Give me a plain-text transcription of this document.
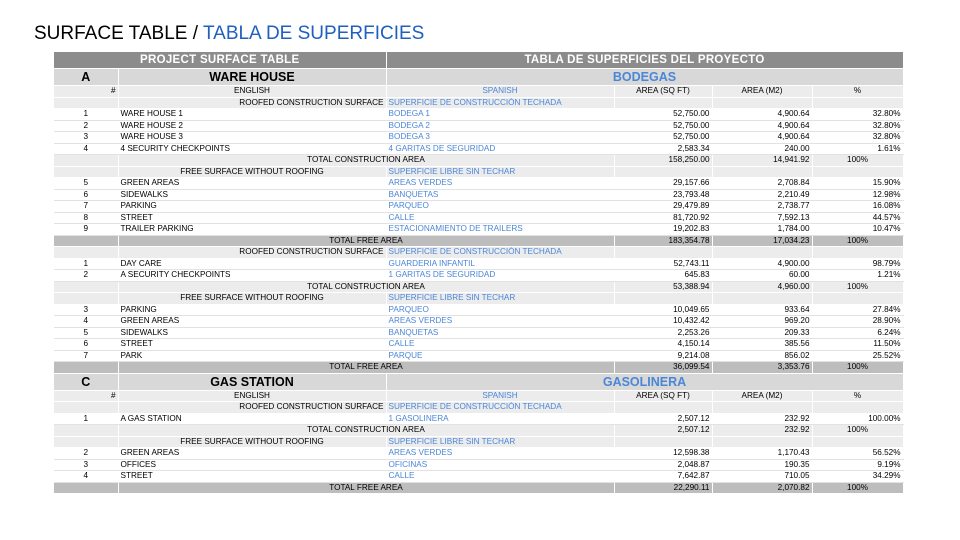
SURFACE TABLE / TABLA DE SUPERFICIES
PROJECT SURFACE TABLE		TABLA DE SUPERFICIES DEL PROYECTO			
A	WARE HOUSE	BODEGAS			
#	ENGLISH	SPANISH	AREA (SQ FT)	AREA (M2)	%
	ROOFED CONSTRUCTION SURFACE	SUPERFICIE DE CONSTRUCCIÓN TECHADA			
1	WARE HOUSE 1	BODEGA 1	52,750.00	4,900.64	32.80%
2	WARE HOUSE 2	BODEGA 2	52,750.00	4,900.64	32.80%
3	WARE HOUSE 3	BODEGA 3	52,750.00	4,900.64	32.80%
4	4 SECURITY CHECKPOINTS	4 GARITAS DE SEGURIDAD	2,583.34	240.00	1.61%
	TOTAL CONSTRUCTION AREA		158,250.00	14,941.92	100%
	FREE SURFACE WITHOUT ROOFING	SUPERFICIE LIBRE SIN TECHAR			
5	GREEN AREAS	AREAS VERDES	29,157.66	2,708.84	15.90%
6	SIDEWALKS	BANQUETAS	23,793.48	2,210.49	12.98%
7	PARKING	PARQUEO	29,479.89	2,738.77	16.08%
8	STREET	CALLE	81,720.92	7,592.13	44.57%
9	TRAILER PARKING	ESTACIONAMIENTO DE TRAILERS	19,202.83	1,784.00	10.47%
	TOTAL FREE AREA		183,354.78	17,034.23	100%
	ROOFED CONSTRUCTION SURFACE	SUPERFICIE DE CONSTRUCCIÓN TECHADA			
1	DAY CARE	GUARDERIA INFANTIL	52,743.11	4,900.00	98.79%
2	A SECURITY CHECKPOINTS	1 GARITAS DE SEGURIDAD	645.83	60.00	1.21%
	TOTAL CONSTRUCTION AREA		53,388.94	4,960.00	100%
	FREE SURFACE WITHOUT ROOFING	SUPERFICIE LIBRE SIN TECHAR			
3	PARKING	PARQUEO	10,049.65	933.64	27.84%
4	GREEN AREAS	AREAS VERDES	10,432.42	969.20	28.90%
5	SIDEWALKS	BANQUETAS	2,253.26	209.33	6.24%
6	STREET	CALLE	4,150.14	385.56	11.50%
7	PARK	PARQUE	9,214.08	856.02	25.52%
	TOTAL FREE AREA		36,099.54	3,353.76	100%
C	GAS STATION	GASOLINERA			
#	ENGLISH	SPANISH	AREA (SQ FT)	AREA (M2)	%
	ROOFED CONSTRUCTION SURFACE	SUPERFICIE DE CONSTRUCCIÓN TECHADA			
1	A GAS STATION	1 GASOLINERA	2,507.12	232.92	100.00%
	TOTAL CONSTRUCTION AREA		2,507.12	232.92	100%
	FREE SURFACE WITHOUT ROOFING	SUPERFICIE LIBRE SIN TECHAR			
2	GREEN AREAS	AREAS VERDES	12,598.38	1,170.43	56.52%
3	OFFICES	OFICINAS	2,048.87	190.35	9.19%
4	STREET	CALLE	7,642.87	710.05	34.29%
	TOTAL FREE AREA		22,290.11	2,070.82	100%
